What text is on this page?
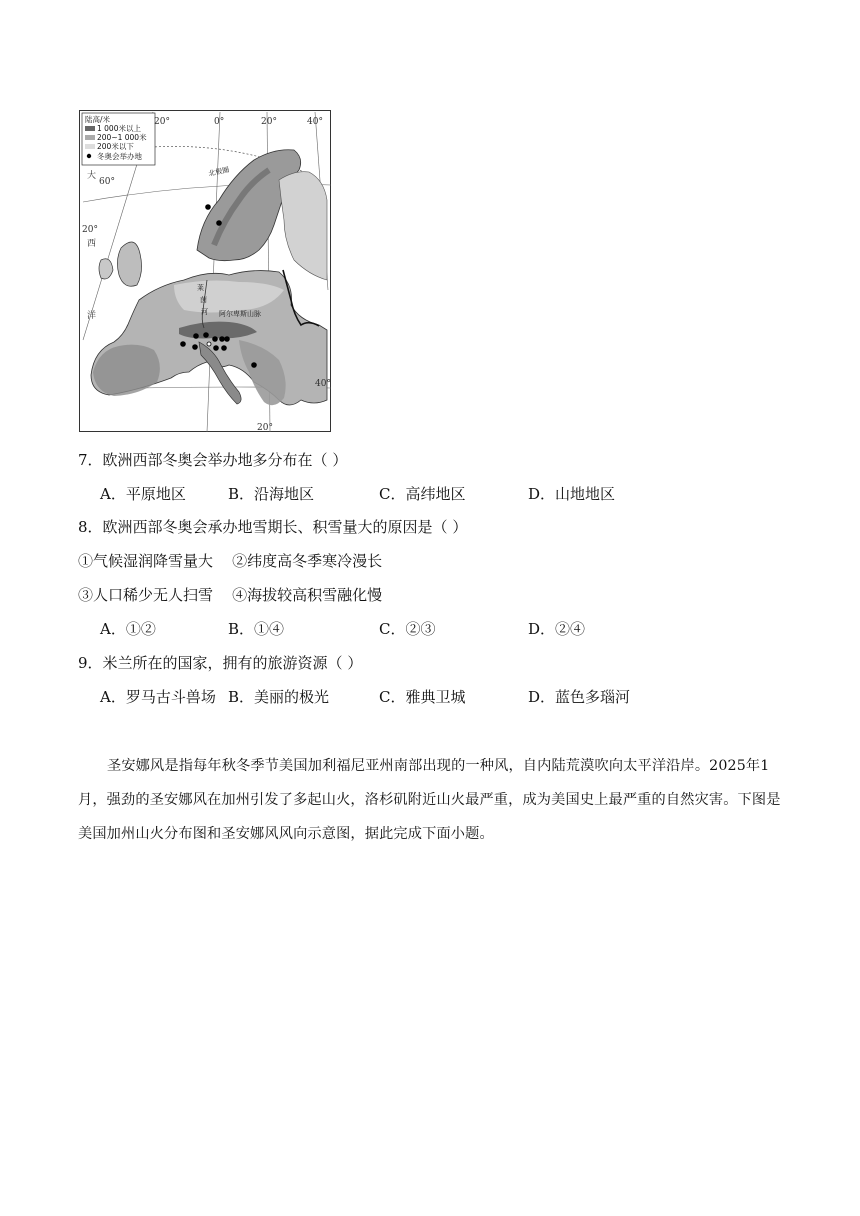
陆高/米
1 000米以上
200~1 000米
200米以下
冬奥会举办地
20°	0°	20°	40°
20°
60°
40°
20°
大
西
洋
北极圈
莱
茵
河 阿尔卑斯山脉
7．欧洲西部冬奥会举办地多分布在（ ）
A．平原地区	B．沿海地区	C．高纬地区	D．山地地区
8．欧洲西部冬奥会承办地雪期长、积雪量大的原因是（ ）
①气候湿润降雪量大    ②纬度高冬季寒冷漫长
③人口稀少无人扫雪    ④海拔较高积雪融化慢
A．①②	B．①④	C．②③	D．②④
9．米兰所在的国家，拥有的旅游资源（ ）
A．罗马古斗兽场 B．美丽的极光	C．雅典卫城	D．蓝色多瑙河
圣安娜风是指每年秋冬季节美国加利福尼亚州南部出现的一种风，自内陆荒漠吹向太平洋沿岸。2025年1月，强劲的圣安娜风在加州引发了多起山火，洛杉矶附近山火最严重，成为美国史上最严重的自然灾害。下图是美国加州山火分布图和圣安娜风风向示意图，据此完成下面小题。
